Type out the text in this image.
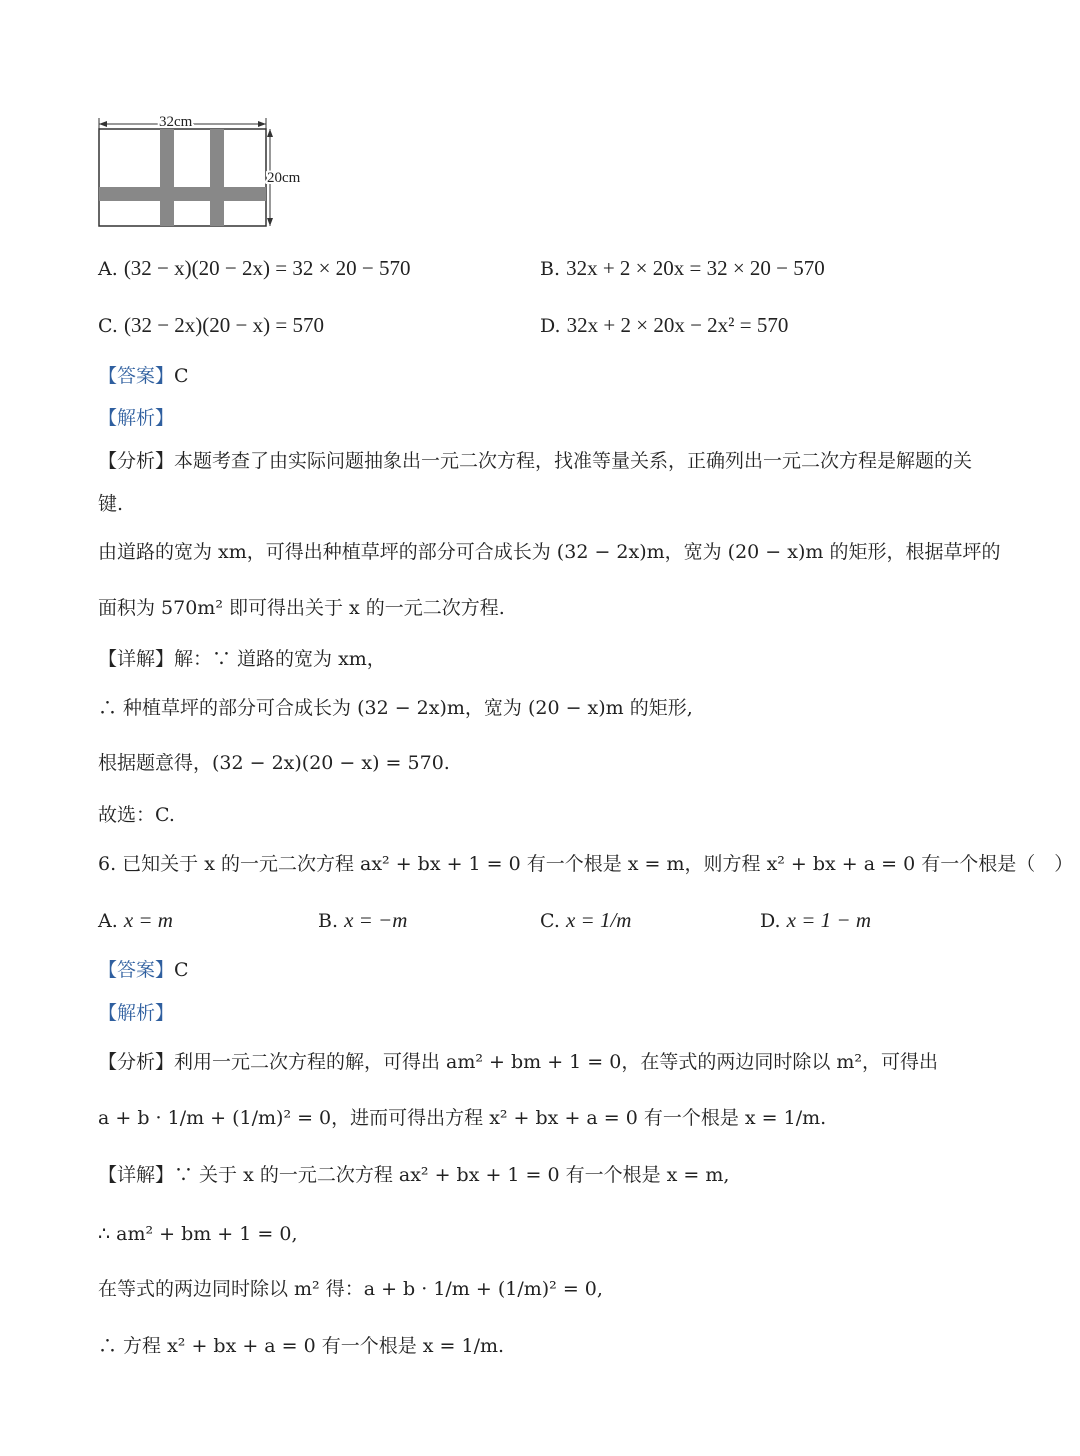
32cm
20cm
A. (32 − x)(20 − 2x) = 32 × 20 − 570	B. 32x + 2 × 20x = 32 × 20 − 570
C. (32 − 2x)(20 − x) = 570	D. 32x + 2 × 20x − 2x² = 570
【答案】C
【解析】
【分析】本题考查了由实际问题抽象出一元二次方程，找准等量关系，正确列出一元二次方程是解题的关
键.
由道路的宽为 xm，可得出种植草坪的部分可合成长为 (32 − 2x)m，宽为 (20 − x)m 的矩形，根据草坪的
面积为 570m² 即可得出关于 x 的一元二次方程.
【详解】解：∵ 道路的宽为 xm，
∴ 种植草坪的部分可合成长为 (32 − 2x)m，宽为 (20 − x)m 的矩形,
根据题意得，(32 − 2x)(20 − x) = 570.
故选：C.
6. 已知关于 x 的一元二次方程 ax² + bx + 1 = 0 有一个根是 x = m，则方程 x² + bx + a = 0 有一个根是（　）
A. x = m	B. x = −m	C. x = 1/m	D. x = 1 − m
【答案】C
【解析】
【分析】利用一元二次方程的解，可得出 am² + bm + 1 = 0，在等式的两边同时除以 m²，可得出
a + b · 1/m + (1/m)² = 0，进而可得出方程 x² + bx + a = 0 有一个根是 x = 1/m.
【详解】∵ 关于 x 的一元二次方程 ax² + bx + 1 = 0 有一个根是 x = m,
∴ am² + bm + 1 = 0,
在等式的两边同时除以 m² 得：a + b · 1/m + (1/m)² = 0,
∴ 方程 x² + bx + a = 0 有一个根是 x = 1/m.
